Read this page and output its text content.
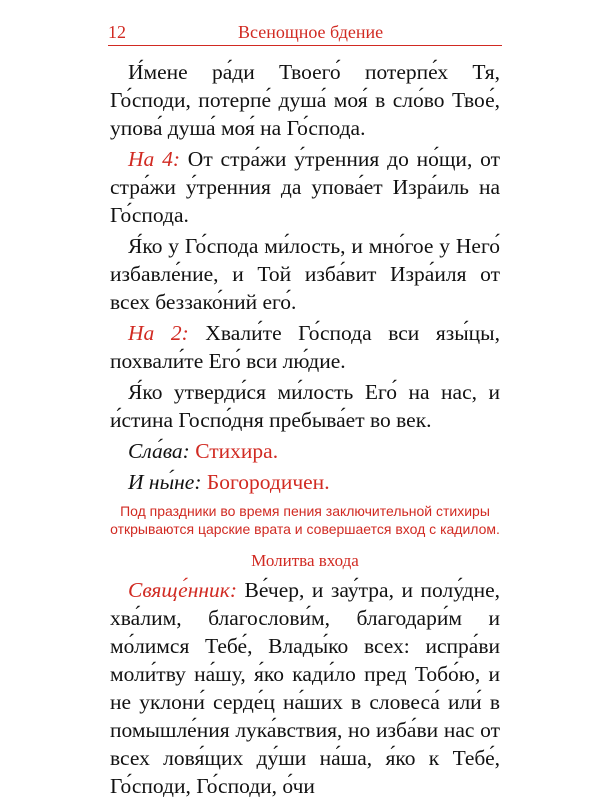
12	Всенощное бдение

И́мене ра́ди Твоего́ потерпе́х Тя, Го́споди, потерпе́ душа́ моя́ в сло́во Твое́, упова́ душа́ моя́ на Го́спода.

На 4: От стра́жи у́тренния до но́щи, от стра́жи у́тренния да упова́ет Изра́иль на Го́спода.

Я́ко у Го́спода ми́лость, и мно́гое у Него́ избавле́ние, и Той изба́вит Изра́иля от всех беззако́ний его́.

На 2: Хвали́те Го́спода вси язы́цы, похвали́те Его́ вси лю́дие.

Я́ко утверди́ся ми́лость Его́ на нас, и и́стина Госпо́дня пребыва́ет во век.

Сла́ва: Стихира.

И ны́не: Богородичен.

Под праздники во время пения заключительной стихиры открываются царские врата и совершается вход с кадилом.

Молитва входа

Свяще́нник: Ве́чер, и зау́тра, и полу́дне, хва́лим, благослови́м, благодари́м и мо́лимся Тебе́, Влады́ко всех: испра́ви моли́тву на́шу, я́ко кади́ло пред Тобо́ю, и не уклони́ серде́ц на́ших в словеса́ или́ в помышле́ния лука́вствия, но изба́ви нас от всех ловя́щих ду́ши на́ша, я́ко к Тебе́, Го́споди, Го́споди, о́чи
